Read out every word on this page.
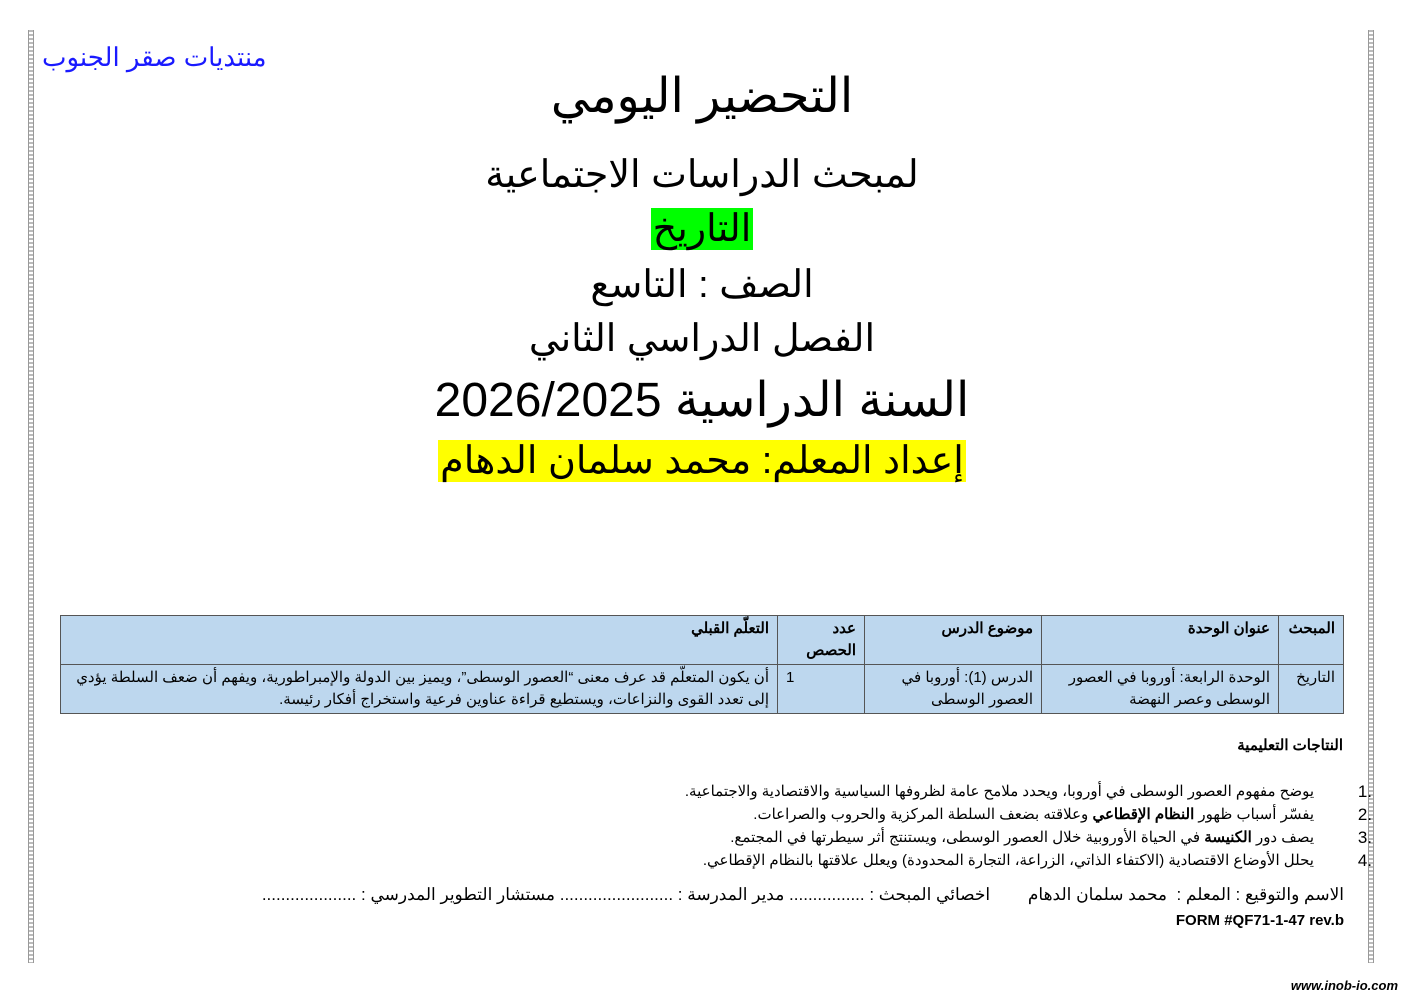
منتديات صقر الجنوب
التحضير اليومي
لمبحث الدراسات الاجتماعية
التاريخ
الصف : التاسع
الفصل الدراسي الثاني
السنة الدراسية 2026/2025
إعداد المعلم: محمد سلمان الدهام
المبحث	عنوان الوحدة	موضوع الدرس	عدد الحصص	التعلّم القبلي
التاريخ	الوحدة الرابعة: أوروبا في العصور الوسطى وعصر النهضة	الدرس (1): أوروبا في العصور الوسطى	1	أن يكون المتعلّم قد عرف معنى “العصور الوسطى”، ويميز بين الدولة والإمبراطورية، ويفهم أن ضعف السلطة يؤدي إلى تعدد القوى والنزاعات، ويستطيع قراءة عناوين فرعية واستخراج أفكار رئيسة.
النتاجات التعليمية
1.
يوضح مفهوم العصور الوسطى في أوروبا، ويحدد ملامح عامة لظروفها السياسية والاقتصادية والاجتماعية.
2.
يفسّر أسباب ظهور النظام الإقطاعي وعلاقته بضعف السلطة المركزية والحروب والصراعات.
3.
يصف دور الكنيسة في الحياة الأوروبية خلال العصور الوسطى، ويستنتج أثر سيطرتها في المجتمع.
4.
يحلل الأوضاع الاقتصادية (الاكتفاء الذاتي، الزراعة، التجارة المحدودة) ويعلل علاقتها بالنظام الإقطاعي.
الاسم والتوقيع : المعلم :  محمد سلمان الدهام        اخصائي المبحث : ................ مدير المدرسة : ........................ مستشار التطوير المدرسي : ....................
FORM #QF71-1-47 rev.b
www.inob-io.com
